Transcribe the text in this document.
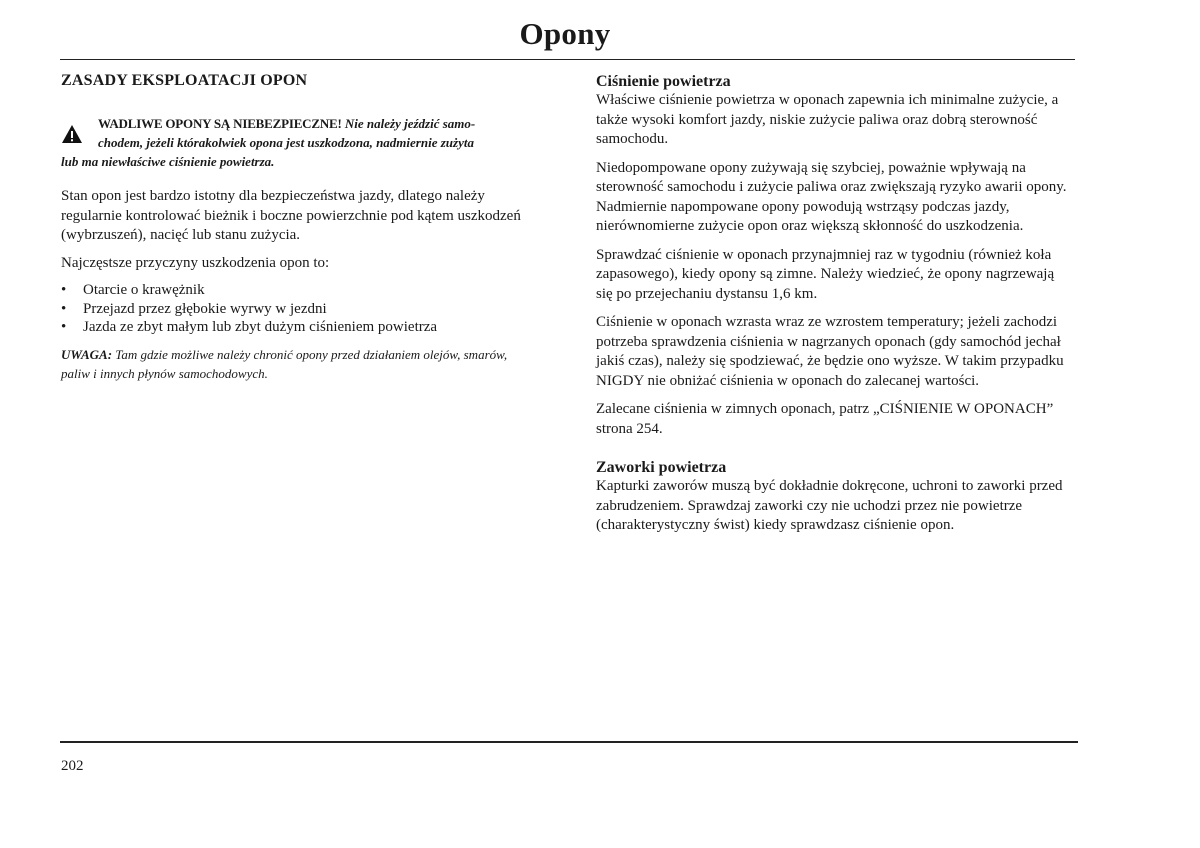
Opony
ZASADY EKSPLOATACJI OPON
WADLIWE OPONY SĄ NIEBEZPIECZNE! Nie należy jeździć samo-
chodem, jeżeli którakolwiek opona jest uszkodzona, nadmiernie zużyta
lub ma niewłaściwe ciśnienie powietrza.

Stan opon jest bardzo istotny dla bezpieczeństwa jazdy, dlatego należy regularnie kontrolować bieżnik i boczne powierzchnie pod kątem uszkodzeń (wybrzuszeń), nacięć lub stanu zużycia.

Najczęstsze przyczyny uszkodzenia opon to:

• Otarcie o krawężnik
• Przejazd przez głębokie wyrwy w jezdni
• Jazda ze zbyt małym lub zbyt dużym ciśnieniem powietrza

UWAGA: Tam gdzie możliwe należy chronić opony przed działaniem olejów, smarów, paliw i innych płynów samochodowych.

Ciśnienie powietrza

Właściwe ciśnienie powietrza w oponach zapewnia ich minimalne zużycie, a także wysoki komfort jazdy, niskie zużycie paliwa oraz dobrą sterowność samochodu.

Niedopompowane opony zużywają się szybciej, poważnie wpływają na sterowność samochodu i zużycie paliwa oraz zwiększają ryzyko awarii opony. Nadmiernie napompowane opony powodują wstrząsy podczas jazdy, nierównomierne zużycie opon oraz większą skłonność do uszkodzenia.

Sprawdzać ciśnienie w oponach przynajmniej raz w tygodniu (również koła zapasowego), kiedy opony są zimne. Należy wiedzieć, że opony nagrzewają się po przejechaniu dystansu 1,6 km.

Ciśnienie w oponach wzrasta wraz ze wzrostem temperatury; jeżeli zachodzi potrzeba sprawdzenia ciśnienia w nagrzanych oponach (gdy samochód jechał jakiś czas), należy się spodziewać, że będzie ono wyższe. W takim przypadku NIGDY nie obniżać ciśnienia w oponach do zalecanej wartości.

Zalecane ciśnienia w zimnych oponach, patrz „CIŚNIENIE W OPONACH” strona 254.

Zaworki powietrza

Kapturki zaworów muszą być dokładnie dokręcone, uchroni to zaworki przed zabrudzeniem. Sprawdzaj zaworki czy nie uchodzi przez nie powietrze (charakterystyczny świst) kiedy sprawdzasz ciśnienie opon.

202
